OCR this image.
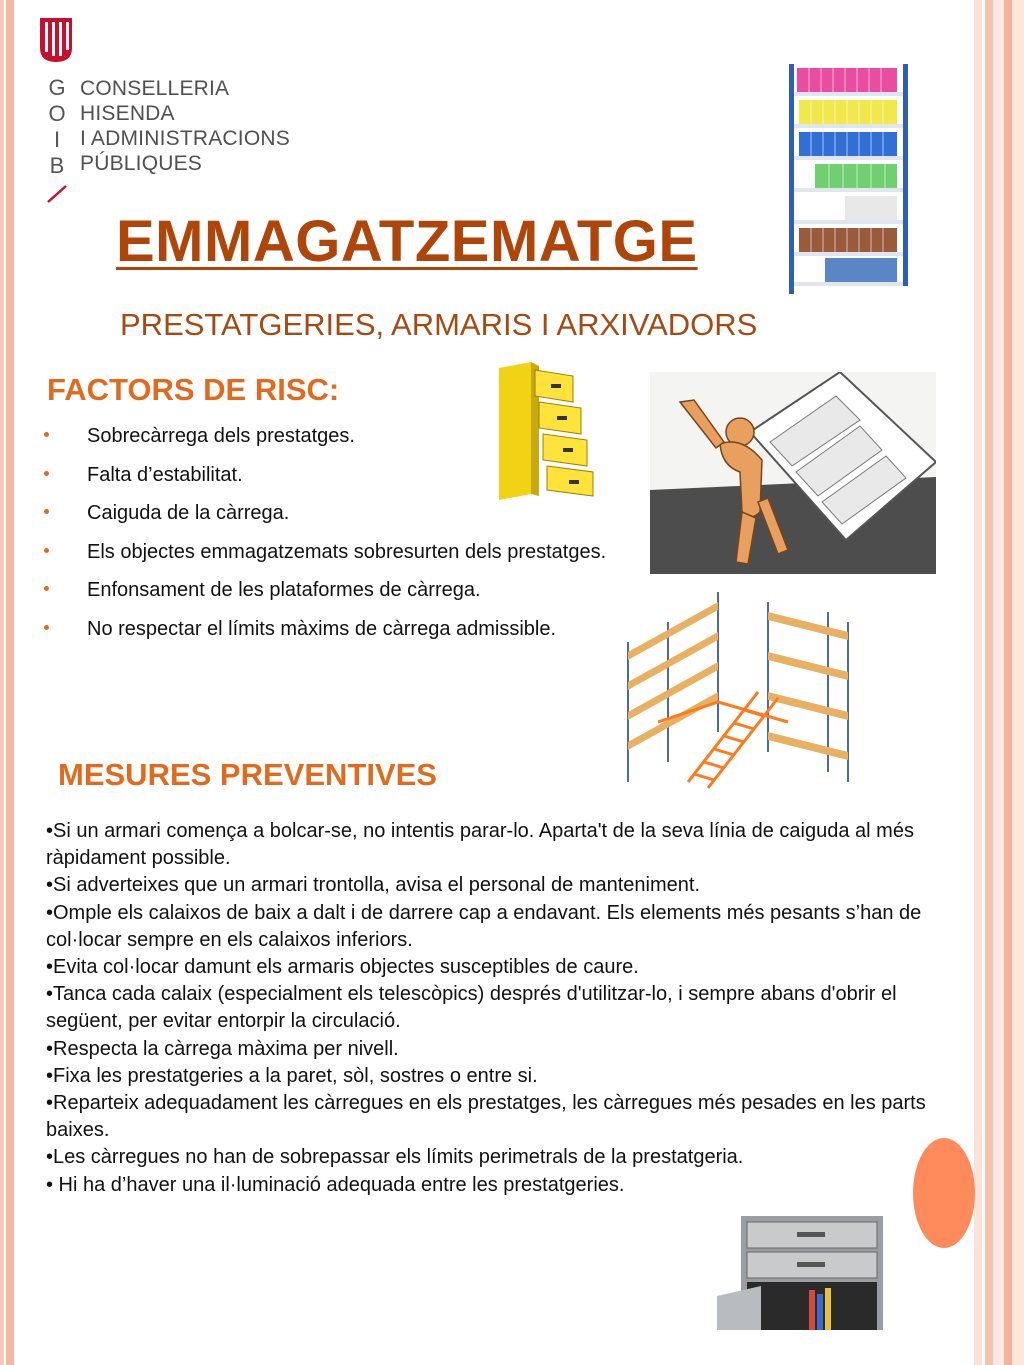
G
O
I
B
CONSELLERIA
HISENDA
I ADMINISTRACIONS
PÚBLIQUES
EMMAGATZEMATGE
PRESTATGERIES, ARMARIS I ARXIVADORS
FACTORS DE RISC:
Sobrecàrrega dels prestatges.
Falta d’estabilitat.
Caiguda de la càrrega.
Els objectes emmagatzemats sobresurten dels prestatges.
Enfonsament de les plataformes de càrrega.
No respectar el límits màxims de càrrega admissible.
MESURES PREVENTIVES
•Si un armari comença a bolcar-se, no intentis parar-lo. Aparta't de la seva línia de caiguda al més ràpidament possible.
•Si adverteixes que un armari trontolla, avisa el personal de manteniment.
•Omple els calaixos de baix a dalt i de darrere cap a endavant. Els elements més pesants s’han de col·locar sempre en els calaixos inferiors.
•Evita col·locar damunt els armaris objectes susceptibles de caure.
•Tanca cada calaix (especialment els telescòpics) després d'utilitzar-lo, i sempre abans d'obrir el següent, per evitar entorpir la circulació.
•Respecta la càrrega màxima per nivell.
•Fixa les prestatgeries a la paret, sòl, sostres o entre si.
•Reparteix adequadament les càrregues en els prestatges, les càrregues més pesades en les parts baixes.
•Les càrregues no han de sobrepassar els límits perimetrals de la prestatgeria.
• Hi ha d’haver una il·luminació adequada entre les prestatgeries.
